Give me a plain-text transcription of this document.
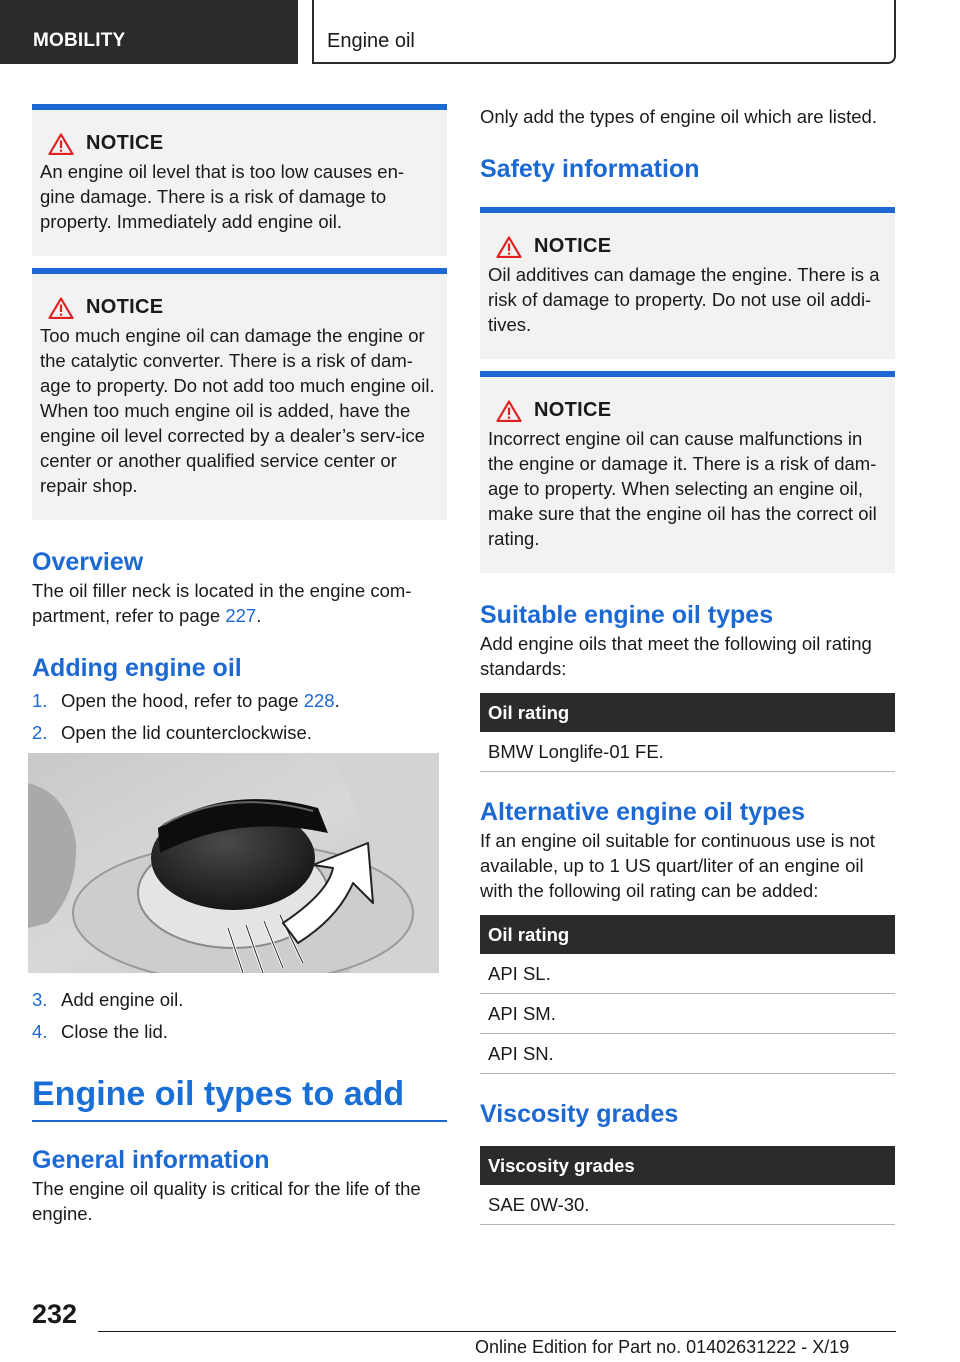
MOBILITY	Engine oil
NOTICE
An engine oil level that is too low causes en‐gine damage. There is a risk of damage to property. Immediately add engine oil.
NOTICE
Too much engine oil can damage the engine or the catalytic converter. There is a risk of dam‐age to property. Do not add too much engine oil. When too much engine oil is added, have the engine oil level corrected by a dealer’s serv‐ice center or another qualified service center or repair shop.
Overview
The oil filler neck is located in the engine com‐partment, refer to page 227.
Adding engine oil
1. Open the hood, refer to page 228.
2. Open the lid counterclockwise.
3. Add engine oil.
4. Close the lid.
Engine oil types to add
General information
The engine oil quality is critical for the life of the engine.
Only add the types of engine oil which are listed.
Safety information
NOTICE
Oil additives can damage the engine. There is a risk of damage to property. Do not use oil addi‐tives.
NOTICE
Incorrect engine oil can cause malfunctions in the engine or damage it. There is a risk of dam‐age to property. When selecting an engine oil, make sure that the engine oil has the correct oil rating.
Suitable engine oil types
Add engine oils that meet the following oil rating standards:
Oil rating
BMW Longlife-01 FE.
Alternative engine oil types
If an engine oil suitable for continuous use is not available, up to 1 US quart/liter of an engine oil with the following oil rating can be added:
Oil rating
API SL.
API SM.
API SN.
Viscosity grades
Viscosity grades
SAE 0W-30.
232
Online Edition for Part no. 01402631222 - X/19
